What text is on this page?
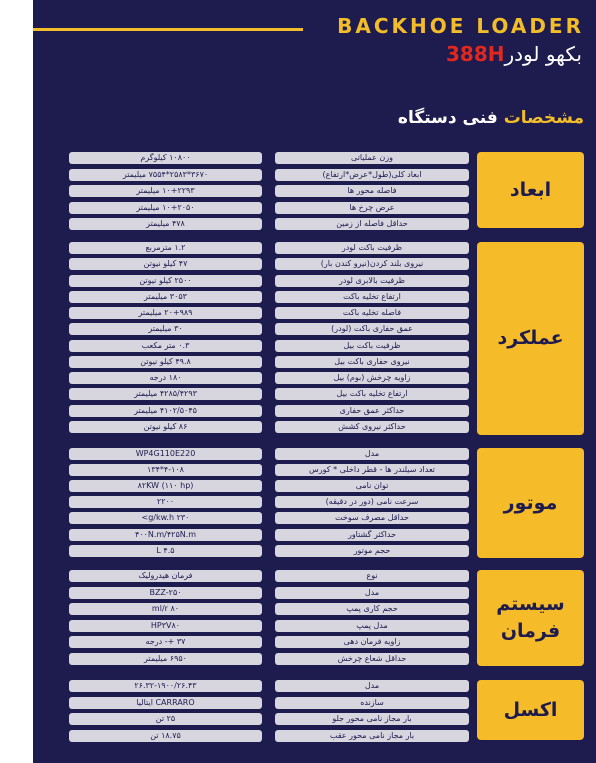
BACKHOE LOADER
بکهو لودر388H
مشخصات فنی دستگاه
ابعاد
۱۰۸۰۰ کیلوگرم	وزن عملیاتی
۳۶۷۰*۲۵۸۳*۷۵۵۴ میلیمتر	ابعاد کلی(طول*عرض*ارتفاع)
۱۰+۲۲۹۳ میلیمتر	فاصله محور ها
۱۰+۲۰۵۰ میلیمتر	عرض چرخ ها
۴۷۸ میلیمتر	حداقل فاصله از زمین
عملکرد
۱.۲ مترمربع	ظرفیت باکت لودر
۴۷ کیلو نیوتن	نیروی بلند کردن(نیرو کندن بار)
۲۵۰۰ کیلو نیوتن	ظرفیت بالابری لودر
۳۰۵۳ میلیمتر	ارتفاع تخلیه باکت
۲۰+۹۸۹ میلیمتر	فاصله تخلیه باکت
۳۰ میلیمتر	عمق حفاری باکت (لودر)
۰.۳ متر مکعب	ظرفیت باکت بیل
۴۹.۸ کیلو نیوتن	نیروی حفاری باکت بیل
۱۸۰ درجه	زاویه چرخش (بوم) بیل
۴۲۸۵/۴۲۹۳ میلیمتر	ارتفاع تخلیه باکت بیل
۴۱۰۲/۵۰۴۵ میلیمتر	حداکثر عمق حفاری
۸۶ کیلو نیوتن	حداکثر نیروی کشش
موتور
WP4G110E220	مدل
۴-۱۰۸*۱۳۴	تعداد سیلندر ها - قطر داخلی * کورس
۸۲KW (۱۱۰ hp)	توان نامی
۲۲۰۰	سرعت نامی (دور در دقیقه)
g/kw.h ۲۳۰>	حداقل مصرف سوخت
۴۰۰N.m/۴۲۵N.m	حداکثر گشتاور
L ۴.۵	حجم موتور
سیستم
فرمان
فرمان هیدرولیک	نوع
BZZ-۲۵۰	مدل
ml/r ۸۰	حجم کاری پمپ
HP۳V۸۰	مدل پمپ
۳۷ +- درجه	زاویه فرمان دهی
۶۹۵۰ میلیمتر	حداقل شعاع چرخش
اکسل
۲۶.۳۲-۱۹۰۰/۲۶.۴۳	مدل
CARRARO ایتالیا	سازنده
۲۵ تن	بار مجاز نامی محور جلو
۱۸.۷۵ تن	بار مجاز نامی محور عقب
